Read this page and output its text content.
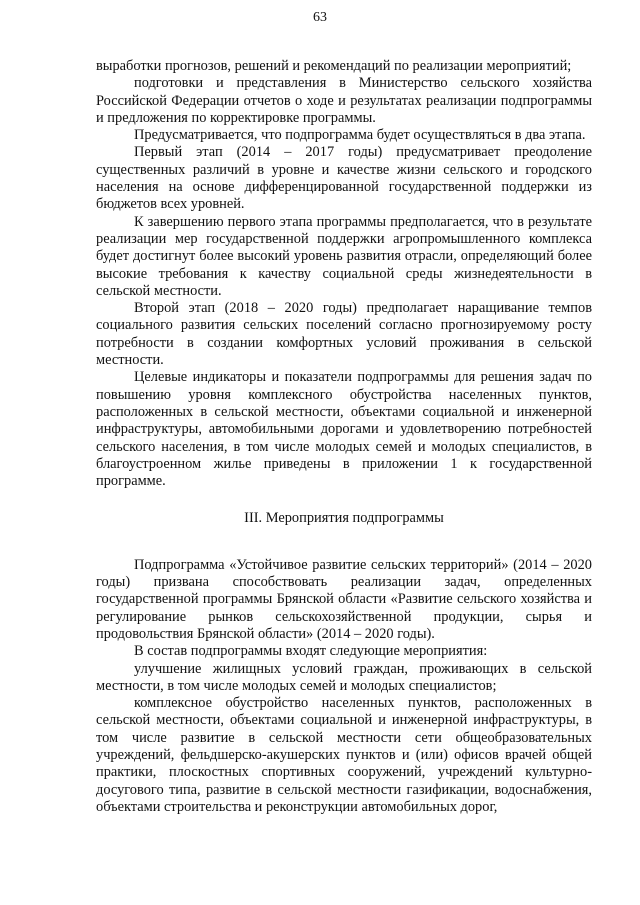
63

выработки прогнозов, решений и рекомендаций по реализации мероприятий;

подготовки и представления в Министерство сельского хозяйства Российской Федерации отчетов о ходе и результатах реализации подпрограммы и предложения по корректировке программы.

Предусматривается, что подпрограмма будет осуществляться в два этапа.

Первый этап (2014 – 2017 годы) предусматривает преодоление существенных различий в уровне и качестве жизни сельского и городского населения на основе дифференцированной государственной поддержки из бюджетов всех уровней.

К завершению первого этапа программы предполагается, что в результате реализации мер государственной поддержки агропромышленного комплекса будет достигнут более высокий уровень развития отрасли, определяющий более высокие требования к качеству социальной среды жизнедеятельности в сельской местности.

Второй этап (2018 – 2020 годы) предполагает наращивание темпов социального развития сельских поселений согласно прогнозируемому росту потребности в создании комфортных условий проживания в сельской местности.

Целевые индикаторы и показатели подпрограммы для решения задач по повышению уровня комплексного обустройства населенных пунктов, расположенных в сельской местности, объектами социальной и инженерной инфраструктуры, автомобильными дорогами и удовлетворению потребностей сельского населения, в том числе молодых семей и молодых специалистов, в благоустроенном жилье приведены в приложении 1 к государственной программе.

III. Мероприятия подпрограммы

Подпрограмма «Устойчивое развитие сельских территорий» (2014 – 2020 годы) призвана способствовать реализации задач, определенных государственной программы Брянской области «Развитие сельского хозяйства и регулирование рынков сельскохозяйственной продукции, сырья и продовольствия Брянской области» (2014 – 2020 годы).

В состав подпрограммы входят следующие мероприятия:

улучшение жилищных условий граждан, проживающих в сельской местности, в том числе молодых семей и молодых специалистов;

комплексное обустройство населенных пунктов, расположенных в сельской местности, объектами социальной и инженерной инфраструктуры, в том числе развитие в сельской местности сети общеобразовательных учреждений, фельдшерско-акушерских пунктов и (или) офисов врачей общей практики, плоскостных спортивных сооружений, учреждений культурно-досугового типа, развитие в сельской местности газификации, водоснабжения, объектами строительства и реконструкции автомобильных дорог,
